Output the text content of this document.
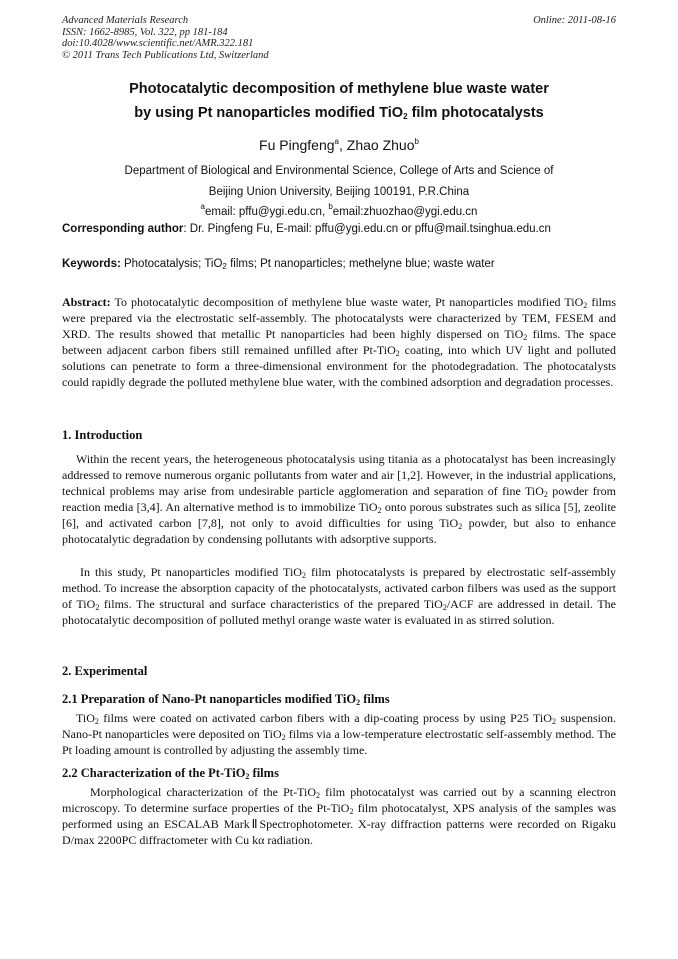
Advanced Materials Research
ISSN: 1662-8985, Vol. 322, pp 181-184
doi:10.4028/www.scientific.net/AMR.322.181
© 2011 Trans Tech Publications Ltd, Switzerland
Online: 2011-08-16
Photocatalytic decomposition of methylene blue waste water
by using Pt nanoparticles modified TiO$_2$ film photocatalysts
Fu Pingfeng$^a$, Zhao Zhuo$^b$
Department of Biological and Environmental Science, College of Arts and Science of
Beijing Union University, Beijing 100191, P.R.China
$^a$email: pffu@ygi.edu.cn, $^b$email:zhuozhao@ygi.edu.cn
Corresponding author: Dr. Pingfeng Fu, E-mail: pffu@ygi.edu.cn or pffu@mail.tsinghua.edu.cn
Keywords: Photocatalysis; TiO$_2$ films; Pt nanoparticles; methelyne blue; waste water
Abstract: To photocatalytic decomposition of methylene blue waste water, Pt nanoparticles modified TiO$_2$ films were prepared via the electrostatic self-assembly. The photocatalysts were characterized by TEM, FESEM and XRD. The results showed that metallic Pt nanoparticles had been highly dispersed on TiO$_2$ films. The space between adjacent carbon fibers still remained unfilled after Pt-TiO$_2$ coating, into which UV light and polluted solutions can penetrate to form a three-dimensional environment for the photodegradation. The photocatalysts could rapidly degrade the polluted methylene blue water, with the combined adsorption and degradation processes.
1. Introduction
Within the recent years, the heterogeneous photocatalysis using titania as a photocatalyst has been increasingly addressed to remove numerous organic pollutants from water and air [1,2]. However, in the industrial applications, technical problems may arise from undesirable particle agglomeration and separation of fine TiO$_2$ powder from reaction media [3,4]. An alternative method is to immobilize TiO$_2$ onto porous substrates such as silica [5], zeolite [6], and activated carbon [7,8], not only to avoid difficulties for using TiO$_2$ powder, but also to enhance photocatalytic degradation by condensing pollutants with adsorptive supports.
In this study, Pt nanoparticles modified TiO$_2$ film photocatalysts is prepared by electrostatic self-assembly method. To increase the absorption capacity of the photocatalysts, activated carbon filbers was used as the support of TiO$_2$ films. The structural and surface characteristics of the prepared TiO$_2$/ACF are addressed in detail. The photocatalytic decomposition of polluted methyl orange waste water is evaluated in as stirred solution.
2. Experimental
2.1 Preparation of Nano-Pt nanoparticles modified TiO$_2$ films
TiO$_2$ films were coated on activated carbon fibers with a dip-coating process by using P25 TiO$_2$ suspension. Nano-Pt nanoparticles were deposited on TiO$_2$ films via a low-temperature electrostatic self-assembly method. The Pt loading amount is controlled by adjusting the assembly time.
2.2 Characterization of the Pt-TiO$_2$ films
Morphological characterization of the Pt-TiO$_2$ film photocatalyst was carried out by a scanning electron microscopy. To determine surface properties of the Pt-TiO$_2$ film photocatalyst, XPS analysis of the samples was performed using an ESCALAB MarkⅡSpectrophotometer. X-ray diffraction patterns were recorded on Rigaku D/max 2200PC diffractometer with Cu kα radiation.
